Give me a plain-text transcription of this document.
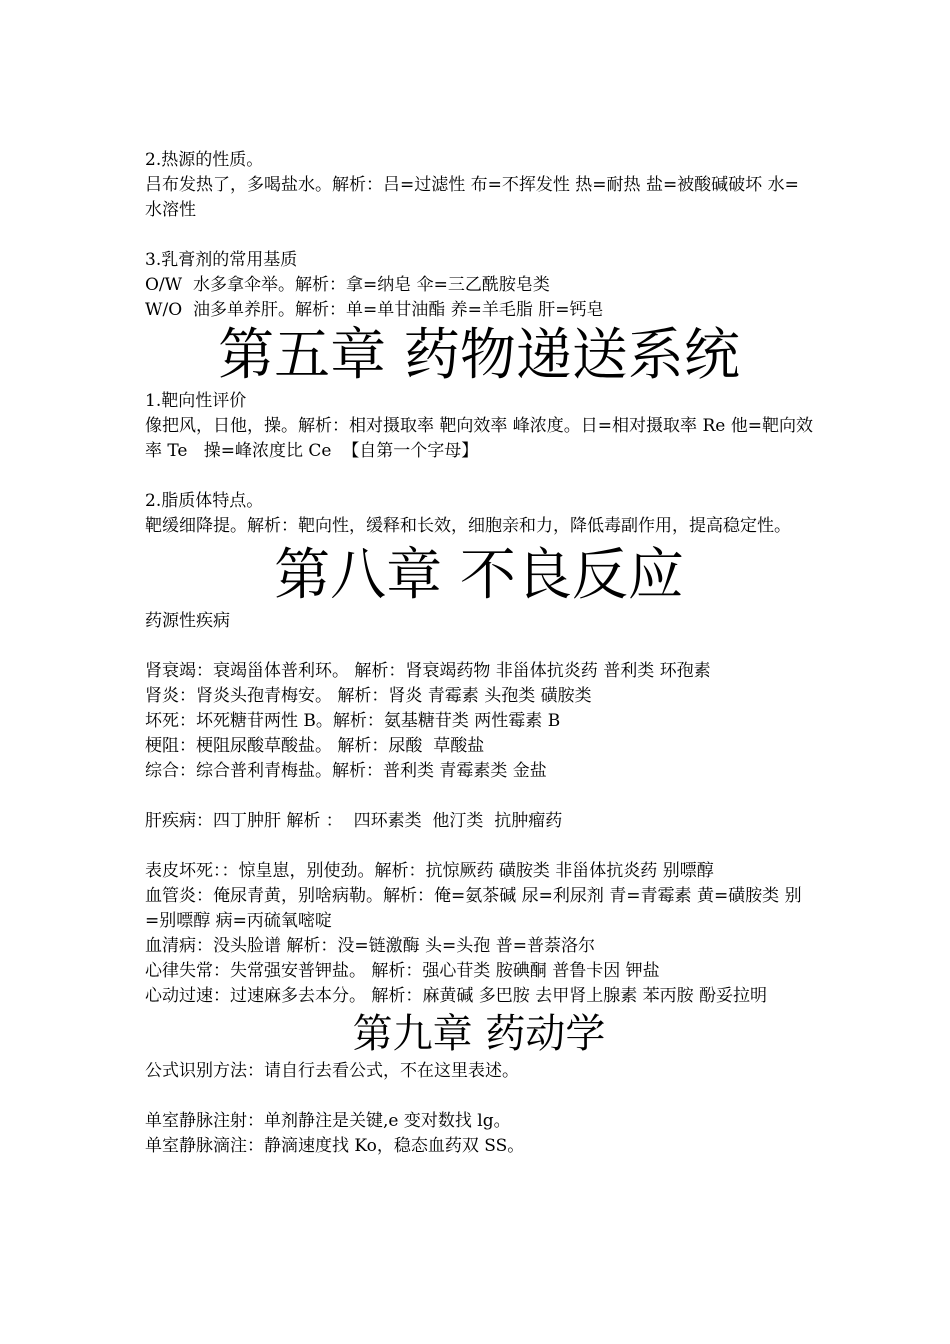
2.热源的性质。
吕布发热了，多喝盐水。解析：吕=过滤性 布=不挥发性 热=耐热 盐=被酸碱破坏 水=水溶性
3.乳膏剂的常用基质
O/W  水多拿伞举。解析：拿=纳皂 伞=三乙酰胺皂类
W/O  油多单养肝。解析：单=单甘油酯 养=羊毛脂 肝=钙皂
第五章 药物递送系统
1.靶向性评价
像把风，日他，操。解析：相对摄取率 靶向效率 峰浓度。日=相对摄取率 Re 他=靶向效率 Te   操=峰浓度比 Ce  【自第一个字母】
2.脂质体特点。
靶缓细降提。解析：靶向性，缓释和长效，细胞亲和力，降低毒副作用，提高稳定性。
第八章 不良反应
药源性疾病
肾衰竭：衰竭甾体普利环。 解析：肾衰竭药物 非甾体抗炎药 普利类 环孢素
肾炎：肾炎头孢青梅安。 解析：肾炎 青霉素 头孢类 磺胺类
坏死：坏死糖苷两性 B。解析：氨基糖苷类 两性霉素 B
梗阻：梗阻尿酸草酸盐。 解析：尿酸  草酸盐
综合：综合普利青梅盐。解析：普利类 青霉素类 金盐
肝疾病：四丁肿肝 解析 ：  四环素类  他汀类  抗肿瘤药
表皮坏死：：惊皇崽，别使劲。解析：抗惊厥药 磺胺类 非甾体抗炎药 别嘌醇
血管炎：俺尿青黄，别啥病勒。解析：俺=氨茶碱 尿=利尿剂 青=青霉素 黄=磺胺类 别=别嘌醇 病=丙硫氧嘧啶
血清病：没头脸谱 解析：没=链激酶 头=头孢 普=普萘洛尔
心律失常：失常强安普钾盐。 解析：强心苷类 胺碘酮 普鲁卡因 钾盐
心动过速：过速麻多去本分。 解析：麻黄碱 多巴胺 去甲肾上腺素 苯丙胺 酚妥拉明
第九章 药动学
公式识别方法：请自行去看公式，不在这里表述。
单室静脉注射：单剂静注是关键,e 变对数找 lg。
单室静脉滴注：静滴速度找 Ko，稳态血药双 SS。
